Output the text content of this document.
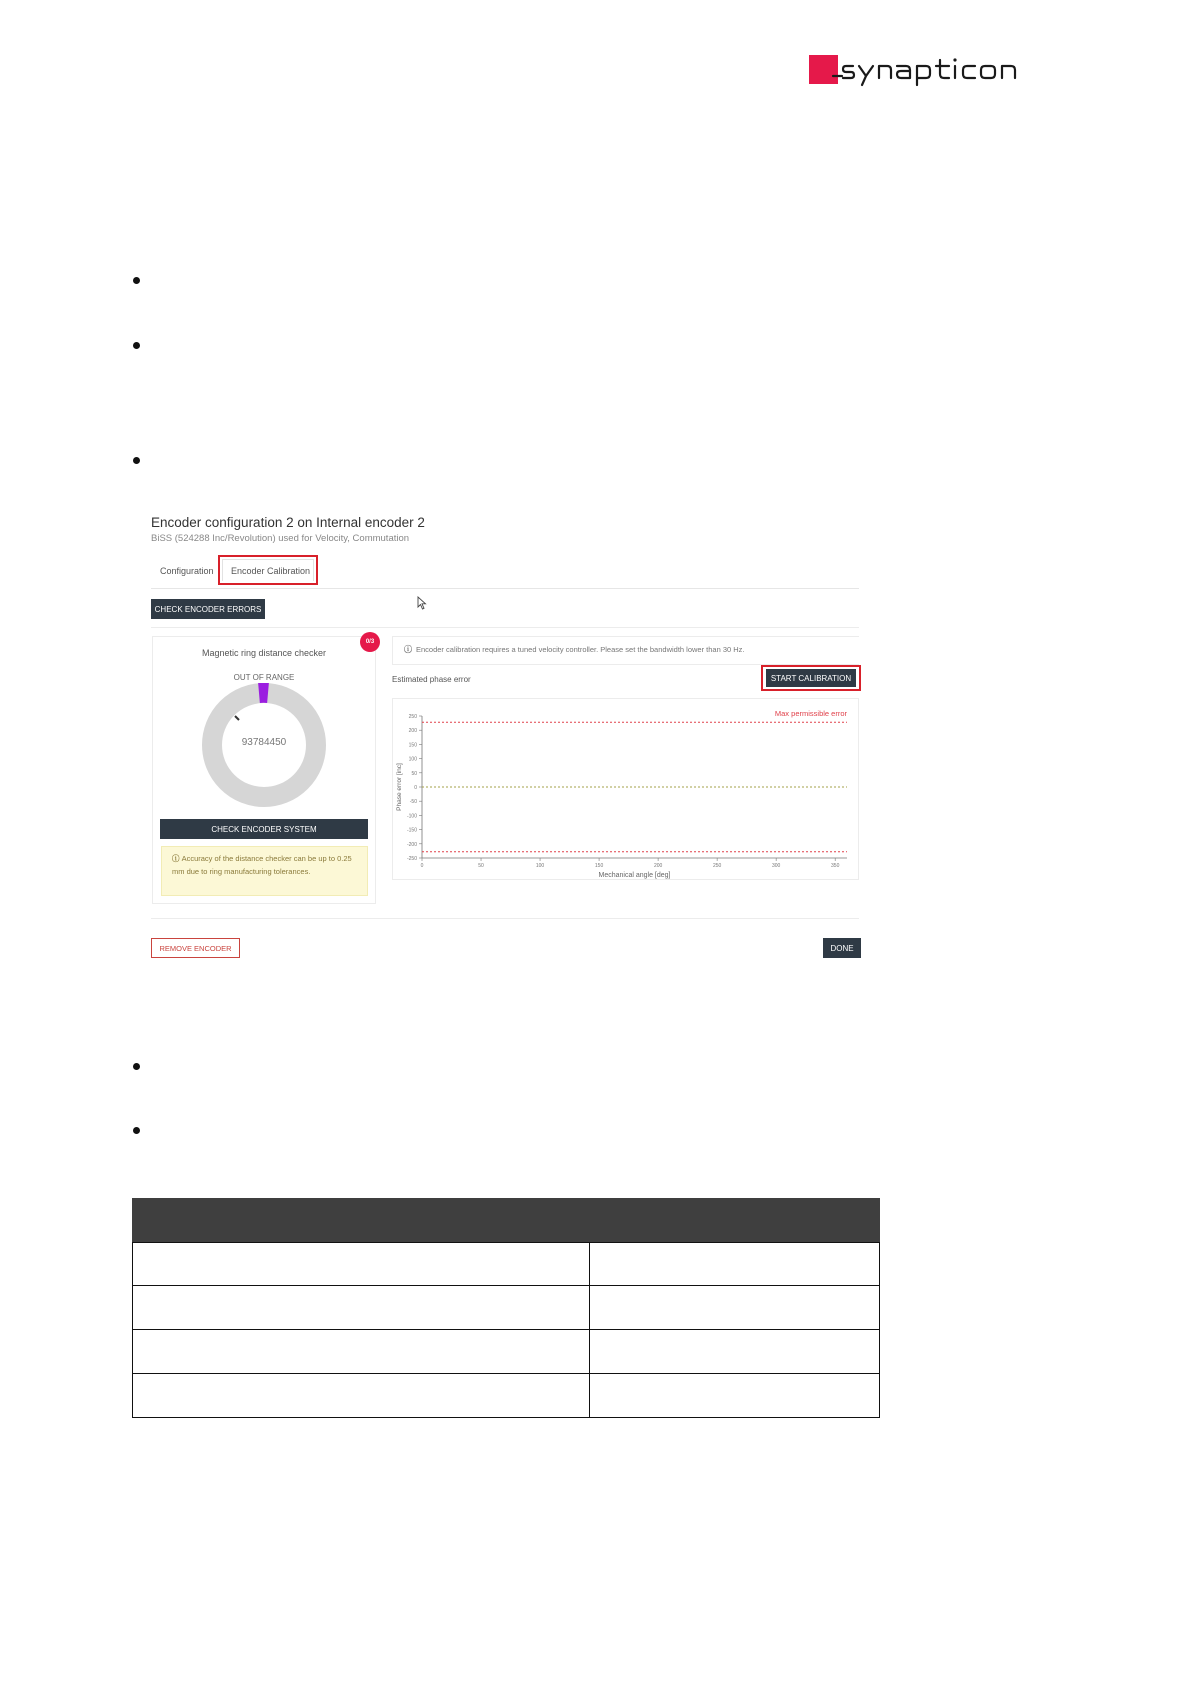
Encoder configuration 2 on Internal encoder 2
BiSS (524288 Inc/Revolution) used for Velocity, Commutation
Configuration Encoder Calibration
CHECK ENCODER ERRORS
Magnetic ring distance checker
0/3
OUT OF RANGE
93784450
CHECK ENCODER SYSTEM
ⓘ Accuracy of the distance checker can be up to 0.25 mm due to ring manufacturing tolerances.
ⓘ Encoder calibration requires a tuned velocity controller. Please set the bandwidth lower than 30 Hz.
Estimated phase error	START CALIBRATION
250
200
150
100
50
0
-50
-100
-150
-200
-250
0	50	100	150	200	250	300	350
Max permissible error
Mechanical angle [deg]
Phase error [inc]
REMOVE ENCODER	DONE
